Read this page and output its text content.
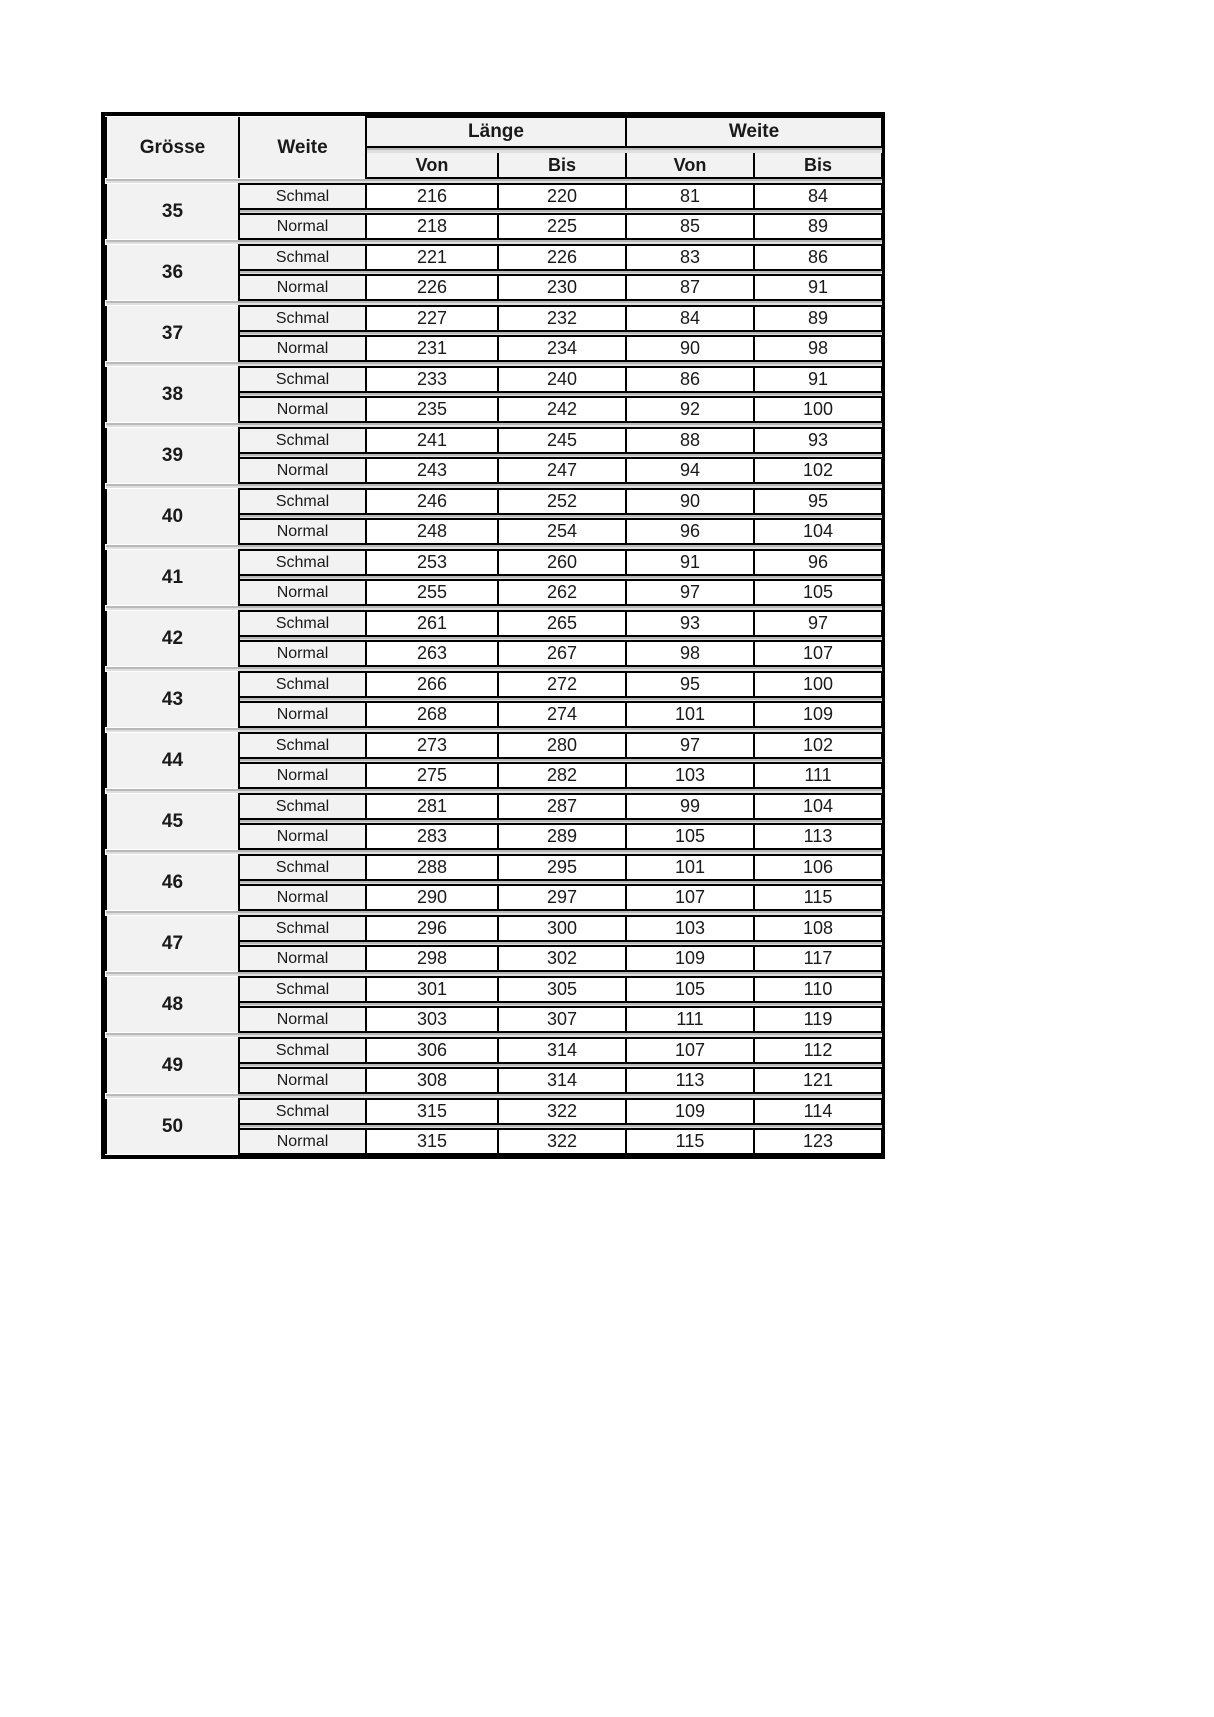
Grösse	Weite	Länge		Weite	

		Von	Bis	Von	Bis

35	Schmal	216	220	81	84

	Normal	218	225	85	89

36	Schmal	221	226	83	86

	Normal	226	230	87	91

37	Schmal	227	232	84	89

	Normal	231	234	90	98

38	Schmal	233	240	86	91

	Normal	235	242	92	100

39	Schmal	241	245	88	93

	Normal	243	247	94	102

40	Schmal	246	252	90	95

	Normal	248	254	96	104

41	Schmal	253	260	91	96

	Normal	255	262	97	105

42	Schmal	261	265	93	97

	Normal	263	267	98	107

43	Schmal	266	272	95	100

	Normal	268	274	101	109

44	Schmal	273	280	97	102

	Normal	275	282	103	111

45	Schmal	281	287	99	104

	Normal	283	289	105	113

46	Schmal	288	295	101	106

	Normal	290	297	107	115

47	Schmal	296	300	103	108

	Normal	298	302	109	117

48	Schmal	301	305	105	110

	Normal	303	307	111	119

49	Schmal	306	314	107	112

	Normal	308	314	113	121

50	Schmal	315	322	109	114

	Normal	315	322	115	123
